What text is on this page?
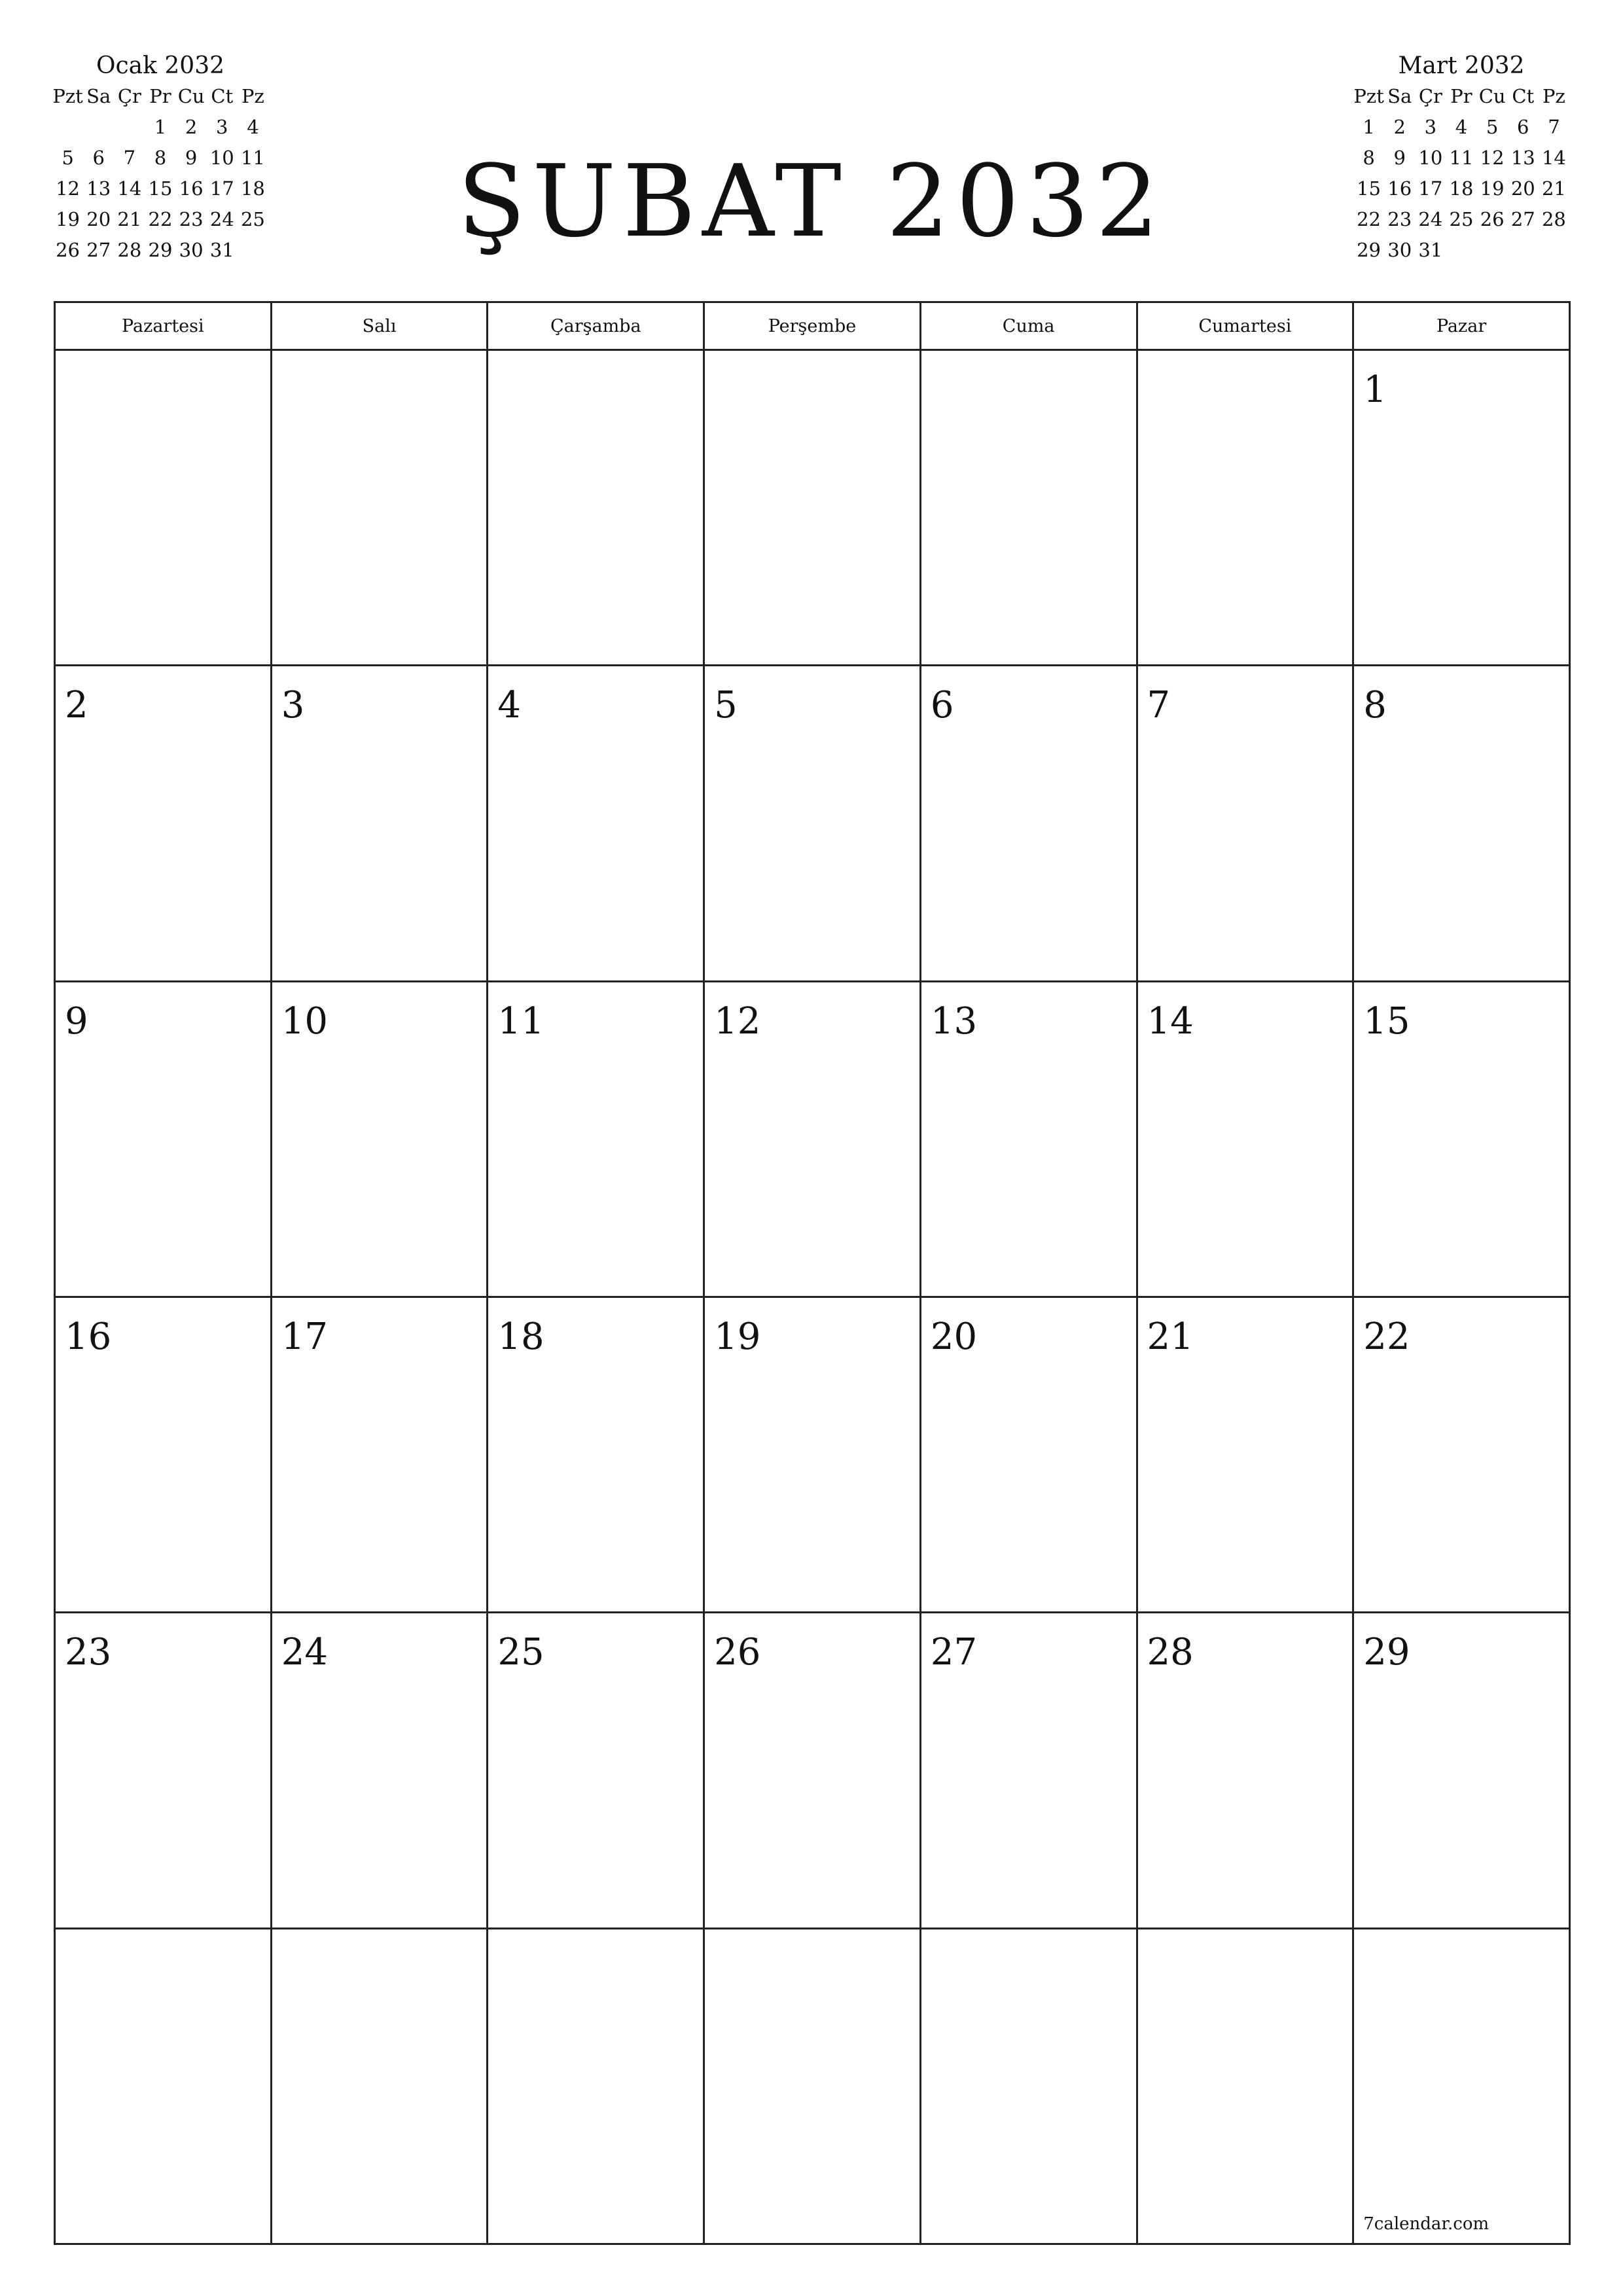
Ocak 2032
Pzt	Sa	Çr	Pr	Cu	Ct	Pz
			1	2	3	4
5	6	7	8	9	10	11
12	13	14	15	16	17	18
19	20	21	22	23	24	25
26	27	28	29	30	31		ŞUBAT 2032
Mart 2032
Pzt	Sa	Çr	Pr	Cu	Ct	Pz
1	2	3	4	5	6	7
8	9	10	11	12	13	14
15	16	17	18	19	20	21
22	23	24	25	26	27	28
29	30	31				
Pazartesi	Salı	Çarşamba	Perşembe	Cuma	Cumartesi	Pazar

						1

2	3	4	5	6	7	8

9	10	11	12	13	14	15

16	17	18	19	20	21	22

23	24	25	26	27	28	29

						7calendar.com
